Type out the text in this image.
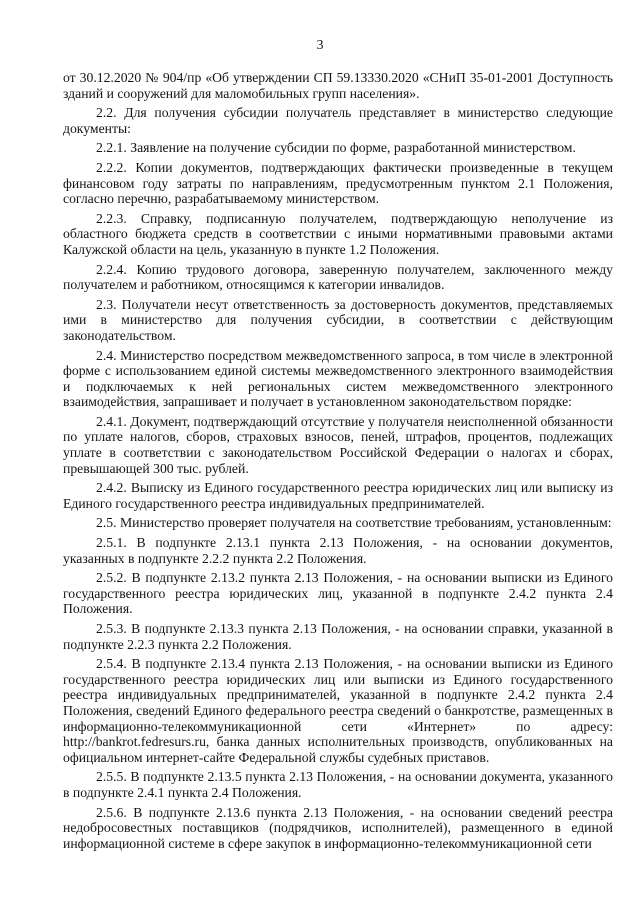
3

от 30.12.2020 № 904/пр «Об утверждении СП 59.13330.2020 «СНиП 35-01-2001 Доступность зданий и сооружений для маломобильных групп населения».

2.2. Для получения субсидии получатель представляет в министерство следующие документы:

2.2.1. Заявление на получение субсидии по форме, разработанной министерством.

2.2.2. Копии документов, подтверждающих фактически произведенные в текущем финансовом году затраты по направлениям, предусмотренным пунктом 2.1 Положения, согласно перечню, разрабатываемому министерством.

2.2.3. Справку, подписанную получателем, подтверждающую неполучение из областного бюджета средств в соответствии с иными нормативными правовыми актами Калужской области на цель, указанную в пункте 1.2 Положения.

2.2.4. Копию трудового договора, заверенную получателем, заключенного между получателем и работником, относящимся к категории инвалидов.

2.3. Получатели несут ответственность за достоверность документов, представляемых ими в министерство для получения субсидии, в соответствии с действующим законодательством.

2.4. Министерство посредством межведомственного запроса, в том числе в электронной форме с использованием единой системы межведомственного электронного взаимодействия и подключаемых к ней региональных систем межведомственного электронного взаимодействия, запрашивает и получает в установленном законодательством порядке:

2.4.1. Документ, подтверждающий отсутствие у получателя неисполненной обязанности по уплате налогов, сборов, страховых взносов, пеней, штрафов, процентов, подлежащих уплате в соответствии с законодательством Российской Федерации о налогах и сборах, превышающей 300 тыс. рублей.

2.4.2. Выписку из Единого государственного реестра юридических лиц или выписку из Единого государственного реестра индивидуальных предпринимателей.

2.5. Министерство проверяет получателя на соответствие требованиям, установленным:

2.5.1. В подпункте 2.13.1 пункта 2.13 Положения, - на основании документов, указанных в подпункте 2.2.2 пункта 2.2 Положения.

2.5.2. В подпункте 2.13.2 пункта 2.13 Положения, - на основании выписки из Единого государственного реестра юридических лиц, указанной в подпункте 2.4.2 пункта 2.4 Положения.

2.5.3. В подпункте 2.13.3 пункта 2.13 Положения, - на основании справки, указанной в подпункте 2.2.3 пункта 2.2 Положения.

2.5.4. В подпункте 2.13.4 пункта 2.13 Положения, - на основании выписки из Единого государственного реестра юридических лиц или выписки из Единого государственного реестра индивидуальных предпринимателей, указанной в подпункте 2.4.2 пункта 2.4 Положения, сведений Единого федерального реестра сведений о банкротстве, размещенных в информационно-телекоммуникационной сети «Интернет» по адресу: http://bankrot.fedresurs.ru, банка данных исполнительных производств, опубликованных на официальном интернет-сайте Федеральной службы судебных приставов.

2.5.5. В подпункте 2.13.5 пункта 2.13 Положения, - на основании документа, указанного в подпункте 2.4.1 пункта 2.4 Положения.

2.5.6. В подпункте 2.13.6 пункта 2.13 Положения, - на основании сведений реестра недобросовестных поставщиков (подрядчиков, исполнителей), размещенного в единой информационной системе в сфере закупок в информационно-телекоммуникационной сети
